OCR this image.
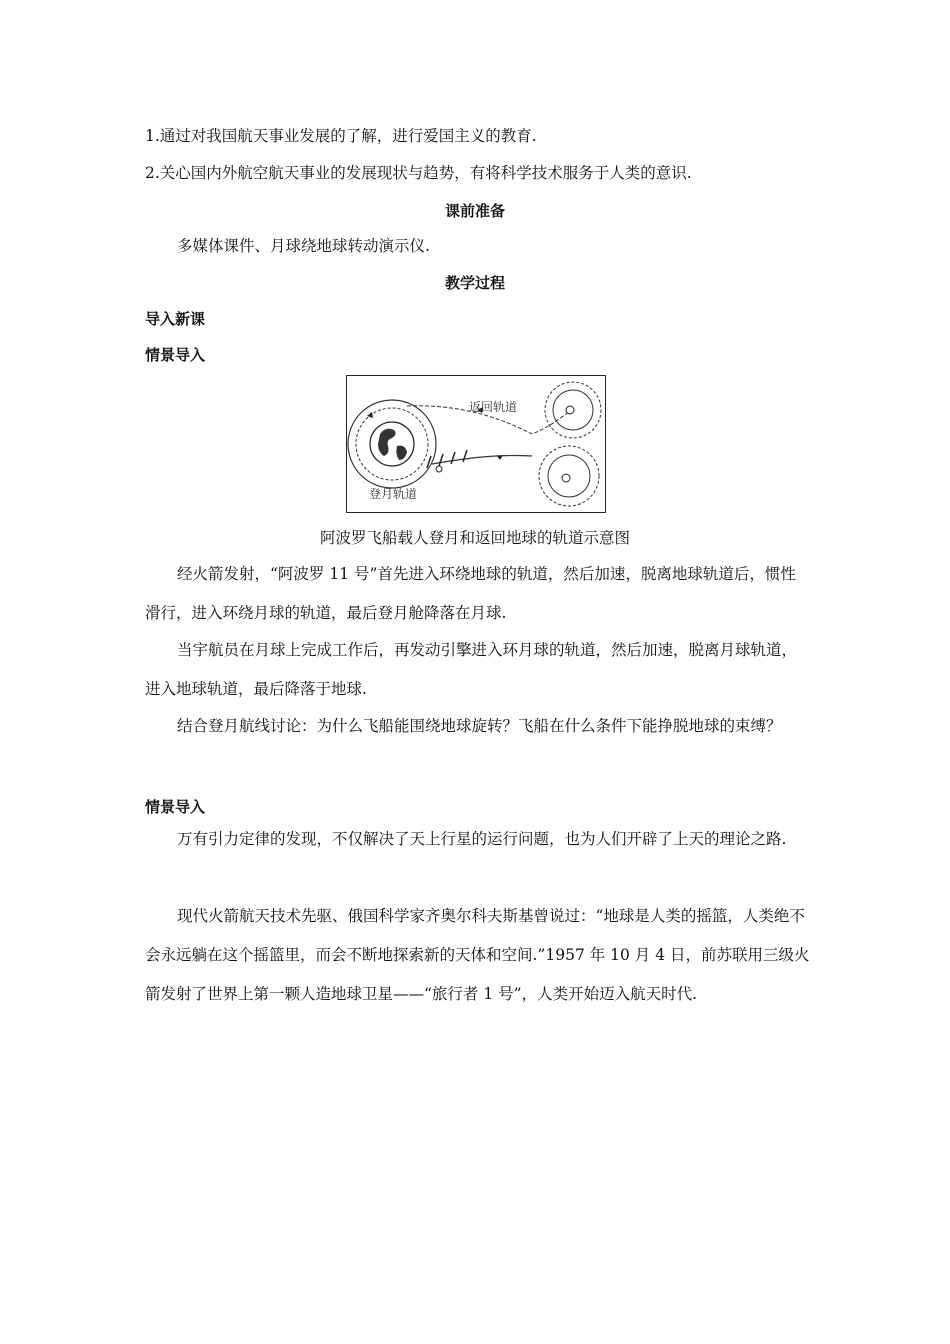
1.通过对我国航天事业发展的了解，进行爱国主义的教育.
2.关心国内外航空航天事业的发展现状与趋势，有将科学技术服务于人类的意识.
课前准备
多媒体课件、月球绕地球转动演示仪.
教学过程
导入新课
情景导入
返回轨道
登月轨道
阿波罗飞船载人登月和返回地球的轨道示意图
经火箭发射，“阿波罗 11 号”首先进入环绕地球的轨道，然后加速，脱离地球轨道后，惯性滑行，进入环绕月球的轨道，最后登月舱降落在月球.
当宇航员在月球上完成工作后，再发动引擎进入环月球的轨道，然后加速，脱离月球轨道，进入地球轨道，最后降落于地球.
结合登月航线讨论：为什么飞船能围绕地球旋转？飞船在什么条件下能挣脱地球的束缚？
情景导入
万有引力定律的发现，不仅解决了天上行星的运行问题，也为人们开辟了上天的理论之路.
现代火箭航天技术先驱、俄国科学家齐奥尔科夫斯基曾说过：“地球是人类的摇篮，人类绝不会永远躺在这个摇篮里，而会不断地探索新的天体和空间.”1957 年 10 月 4 日，前苏联用三级火箭发射了世界上第一颗人造地球卫星——“旅行者 1 号”，人类开始迈入航天时代.
